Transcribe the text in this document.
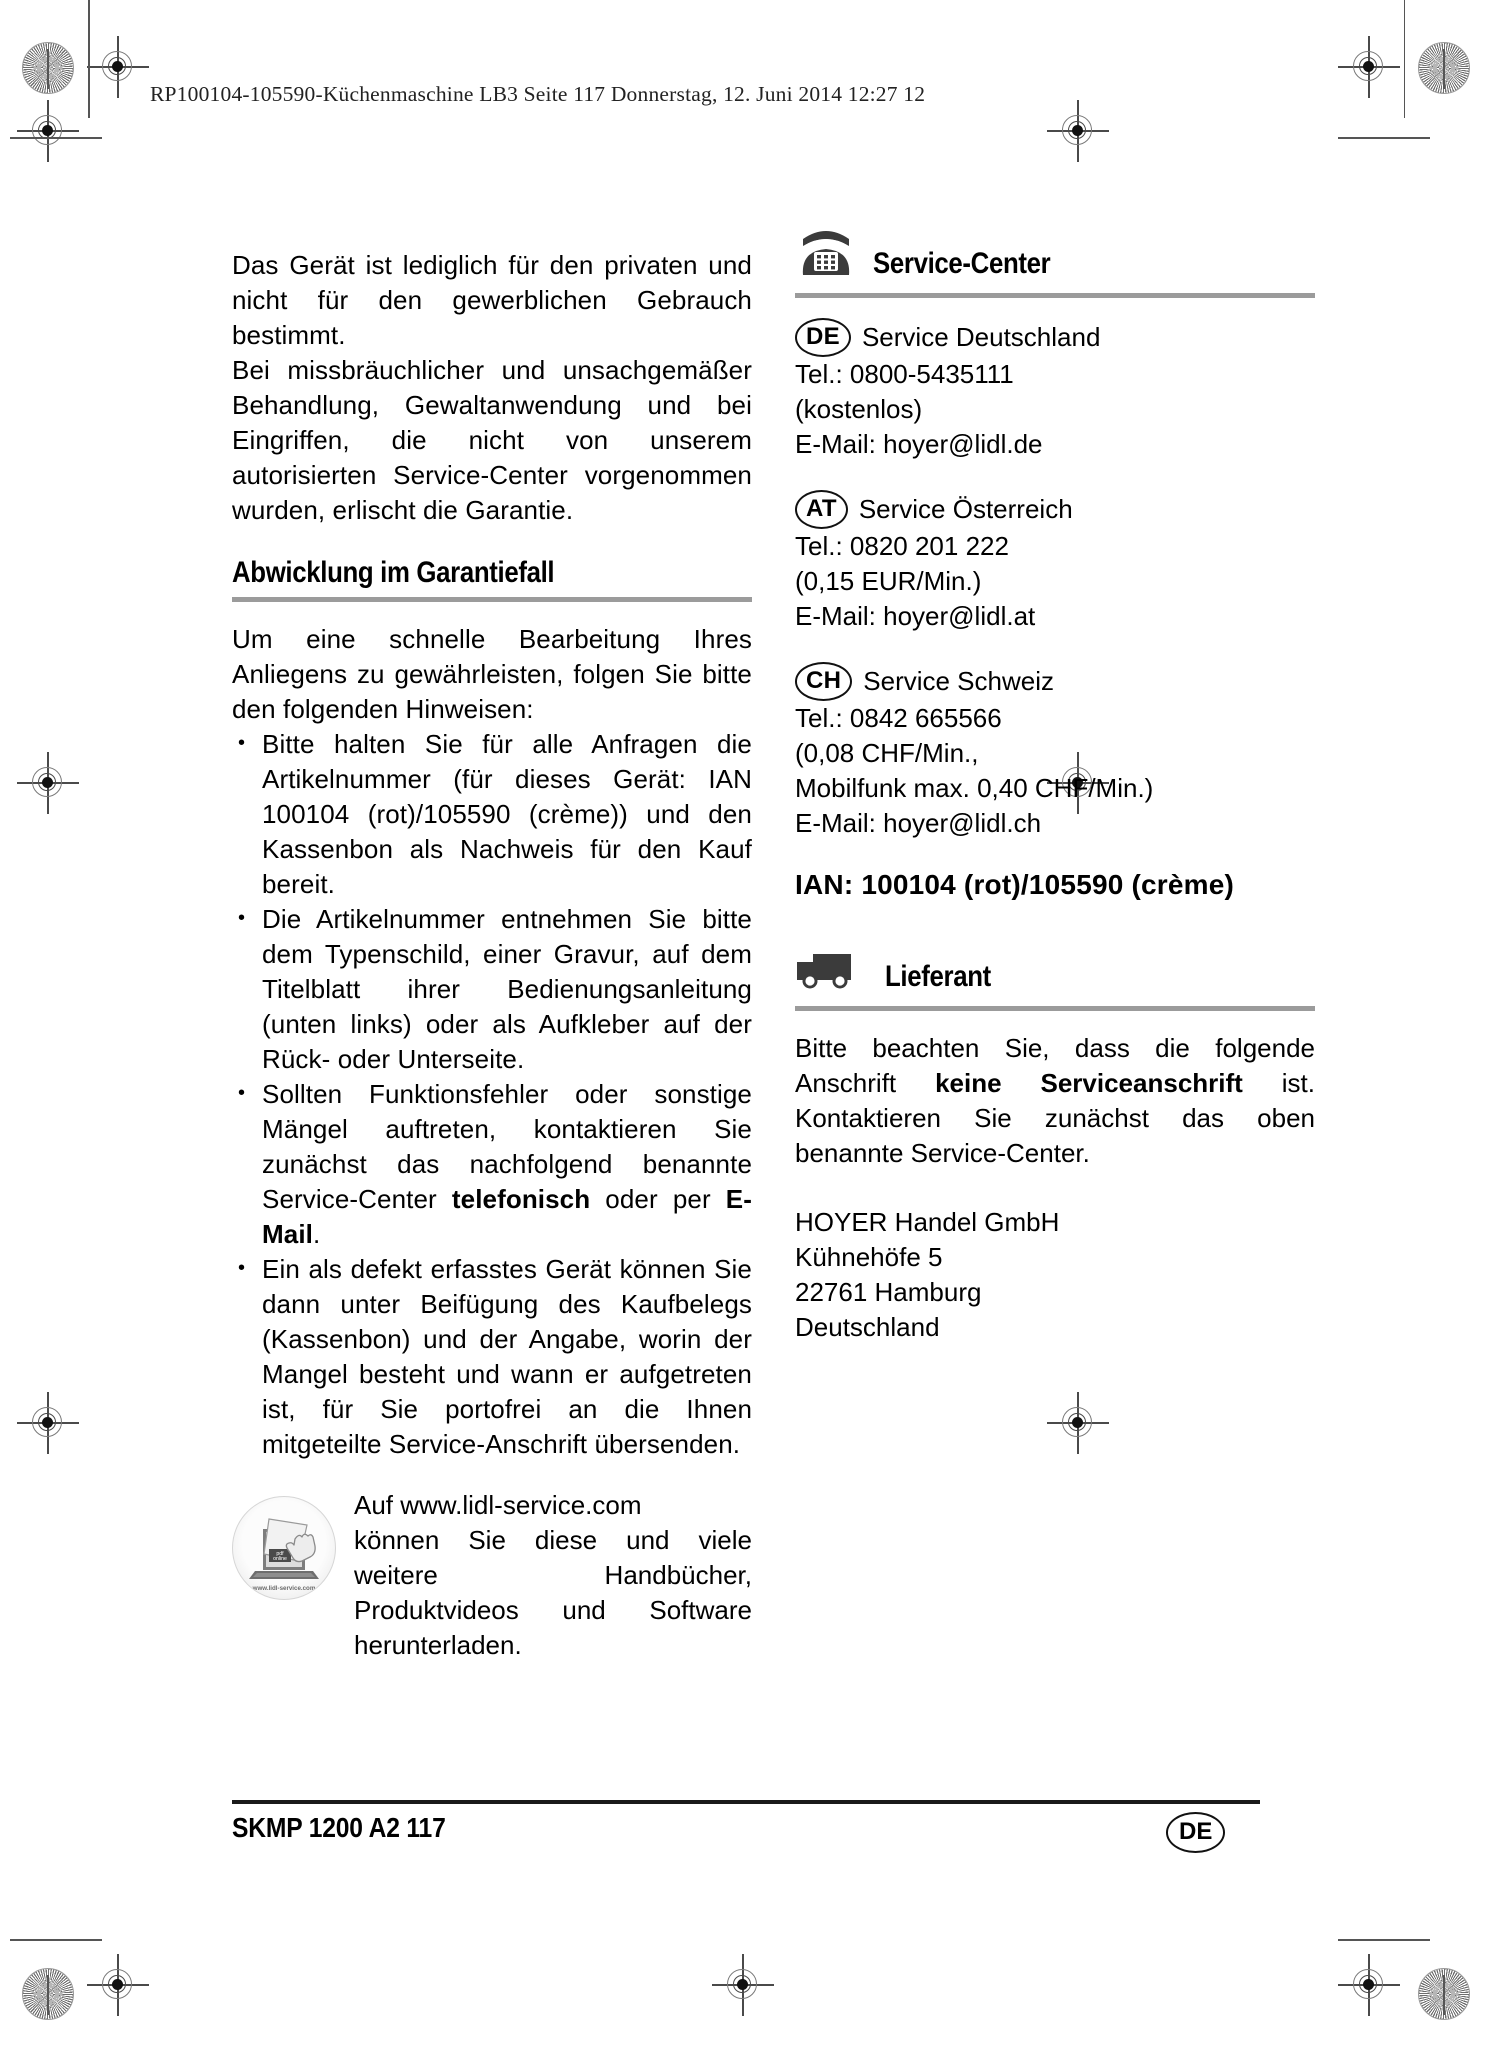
RP100104-105590-Küchenmaschine LB3 Seite 117 Donnerstag, 12. Juni 2014 12:27 12

Das Gerät ist lediglich für den privaten und nicht für den gewerblichen Gebrauch bestimmt.

Bei missbräuchlicher und unsachgemäßer Behandlung, Gewaltanwendung und bei Eingriffen, die nicht von unserem autorisierten Service-Center vorgenommen wurden, erlischt die Garantie.

Abwicklung im Garantiefall

Um eine schnelle Bearbeitung Ihres Anliegens zu gewährleisten, folgen Sie bitte den folgenden Hinweisen:

• Bitte halten Sie für alle Anfragen die Artikelnummer (für dieses Gerät: IAN 100104 (rot)/105590 (crème)) und den Kassenbon als Nachweis für den Kauf bereit.
• Die Artikelnummer entnehmen Sie bitte dem Typenschild, einer Gravur, auf dem Titelblatt ihrer Bedienungsanleitung (unten links) oder als Aufkleber auf der Rück- oder Unterseite.
• Sollten Funktionsfehler oder sonstige Mängel auftreten, kontaktieren Sie zunächst das nachfolgend benannte Service-Center telefonisch oder per E-Mail.
• Ein als defekt erfasstes Gerät können Sie dann unter Beifügung des Kaufbelegs (Kassenbon) und der Angabe, worin der Mangel besteht und wann er aufgetreten ist, für Sie portofrei an die Ihnen mitgeteilte Service-Anschrift übersenden.
pdf
online
www.lidl-service.com
Auf www.lidl-service.com
können Sie diese und viele weitere Handbücher, Produktvideos und Software herunterladen.
Service-Center
DE Service Deutschland
Tel.: 0800-5435111
(kostenlos)
E-Mail: hoyer@lidl.de
AT Service Österreich
Tel.: 0820 201 222
(0,15 EUR/Min.)
E-Mail: hoyer@lidl.at
CH Service Schweiz
Tel.: 0842 665566
(0,08 CHF/Min.,
Mobilfunk max. 0,40 CHF/Min.)
E-Mail: hoyer@lidl.ch
IAN: 100104 (rot)/105590 (crème)
Lieferant

Bitte beachten Sie, dass die folgende Anschrift keine Serviceanschrift ist. Kontaktieren Sie zunächst das oben benannte Service-Center.

HOYER Handel GmbH
Kühnehöfe 5
22761 Hamburg
Deutschland
SKMP 1200 A2 117	DE
